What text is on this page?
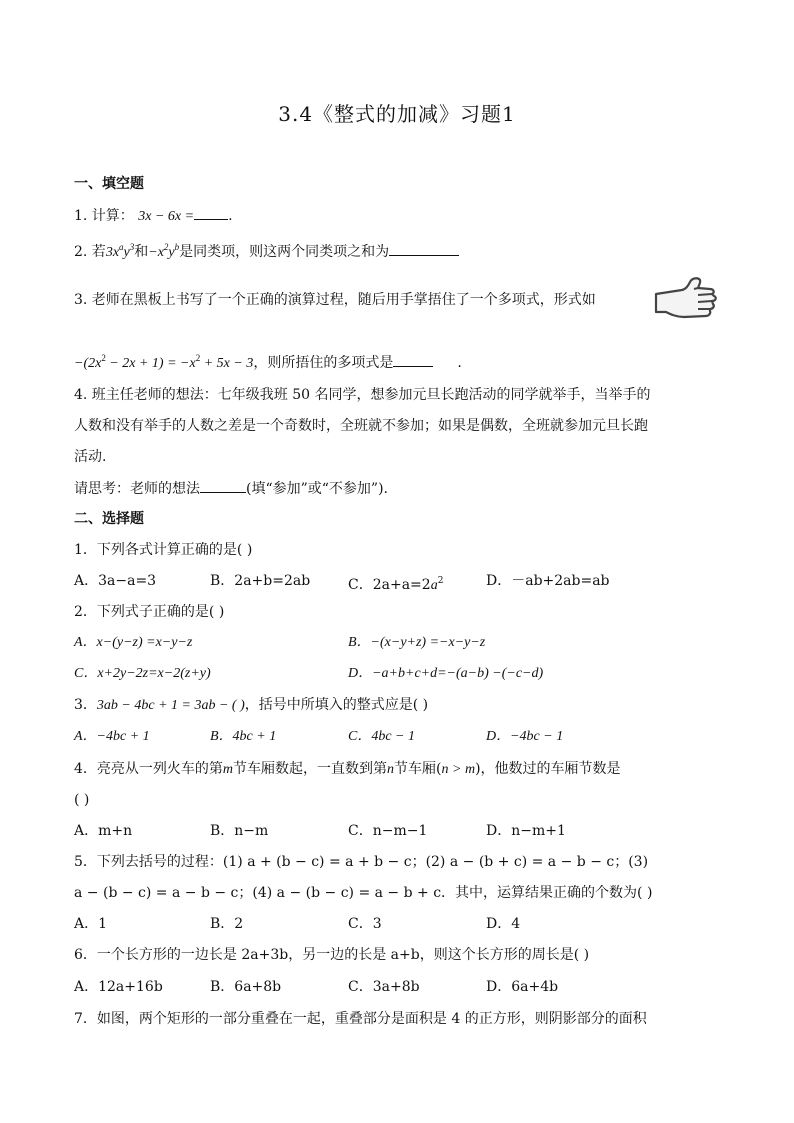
3.4《整式的加减》习题1
一、填空题
1. 计算： 3x − 6x = .
2. 若$3x^ay^3$和$-x^2y^b$是同类项，则这两个同类项之和为
3. 老师在黑板上书写了一个正确的演算过程，随后用手掌捂住了一个多项式，形式如
$-(2x^2 - 2x + 1) = -x^2 + 5x - 3$，则所捂住的多项式是	.
4. 班主任老师的想法：七年级我班 50 名同学，想参加元旦长跑活动的同学就举手，当举手的
人数和没有举手的人数之差是一个奇数时，全班就不参加；如果是偶数，全班就参加元旦长跑
活动.
请思考：老师的想法	(填“参加”或“不参加”).
二、选择题
1．下列各式计算正确的是( )
A．3a−a=3	B．2a+b=2ab	C．$2a+a=2a^2$	D．－ab+2ab=ab
2．下列式子正确的是( )
A．x−(y−z) =x−y−z	B．−(x−y+z) =−x−y−z
C．x+2y−2z=x−2(z+y)	D．−a+b+c+d=−(a−b) −(−c−d)
3．3ab − 4bc + 1 = 3ab − ( )，括号中所填入的整式应是( )
A．−4bc + 1	B．4bc + 1	C．4bc − 1	D．−4bc − 1
4．亮亮从一列火车的第m节车厢数起，一直数到第n节车厢(n > m)，他数过的车厢节数是
( )
A．m+n	B．n−m	C．n−m−1	D．n−m+1
5．下列去括号的过程：(1) a + (b − c) = a + b − c；(2) a − (b + c) = a − b − c；(3)
a − (b − c) = a − b − c；(4) a − (b − c) = a − b + c．其中，运算结果正确的个数为( )
A．1	B．2	C．3	D．4
6．一个长方形的一边长是 2a+3b，另一边的长是 a+b，则这个长方形的周长是( )
A．12a+16b	B．6a+8b	C．3a+8b	D．6a+4b
7．如图，两个矩形的一部分重叠在一起，重叠部分是面积是 4 的正方形，则阴影部分的面积
